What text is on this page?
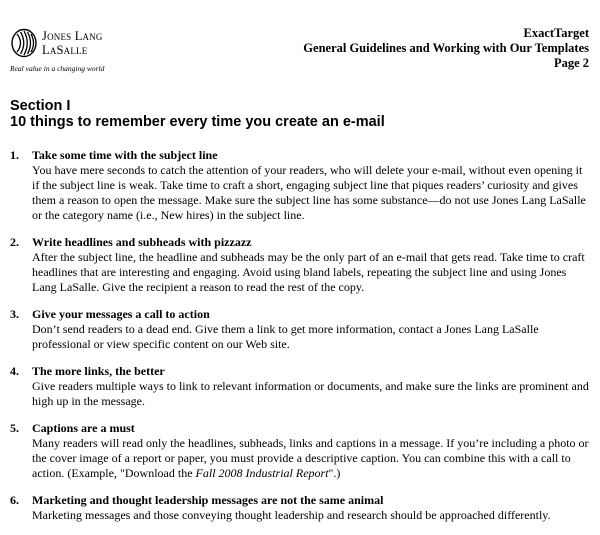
Jones Lang
LaSalle
Real value in a changing world
ExactTarget
General Guidelines and Working with Our Templates
Page 2
Section I
10 things to remember every time you create an e-mail
1. Take some time with the subject line
You have mere seconds to catch the attention of your readers, who will delete your e-mail, without even opening it if the subject line is weak. Take time to craft a short, engaging subject line that piques readers’ curiosity and gives them a reason to open the message. Make sure the subject line has some substance—do not use Jones Lang LaSalle or the category name (i.e., New hires) in the subject line.
2. Write headlines and subheads with pizzazz
After the subject line, the headline and subheads may be the only part of an e-mail that gets read. Take time to craft headlines that are interesting and engaging. Avoid using bland labels, repeating the subject line and using Jones Lang LaSalle. Give the recipient a reason to read the rest of the copy.
3. Give your messages a call to action
Don’t send readers to a dead end. Give them a link to get more information, contact a Jones Lang LaSalle professional or view specific content on our Web site.
4. The more links, the better
Give readers multiple ways to link to relevant information or documents, and make sure the links are prominent and high up in the message.
5. Captions are a must
Many readers will read only the headlines, subheads, links and captions in a message. If you’re including a photo or the cover image of a report or paper, you must provide a descriptive caption. You can combine this with a call to action. (Example, "Download the Fall 2008 Industrial Report".)
6. Marketing and thought leadership messages are not the same animal
Marketing messages and those conveying thought leadership and research should be approached differently.
